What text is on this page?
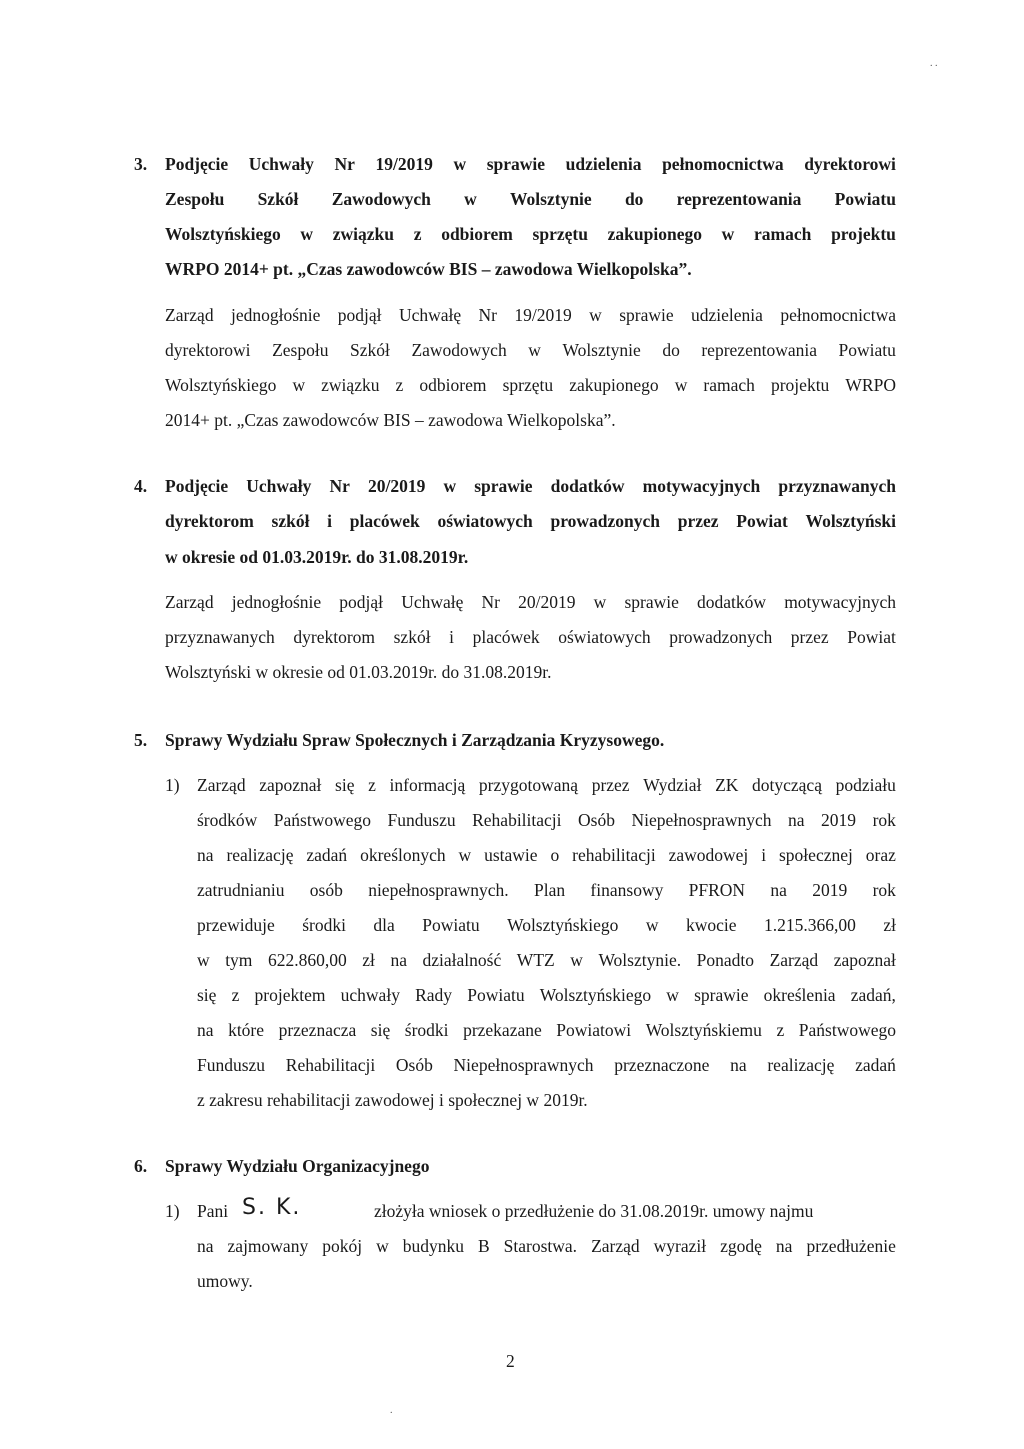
. .
3. Podjęcie Uchwały Nr 19/2019 w sprawie udzielenia pełnomocnictwa dyrektorowi
Zespołu Szkół Zawodowych w Wolsztynie do reprezentowania Powiatu
Wolsztyńskiego w związku z odbiorem sprzętu zakupionego w ramach projektu
WRPO 2014+ pt. „Czas zawodowców BIS – zawodowa Wielkopolska”.
Zarząd jednogłośnie podjął Uchwałę Nr 19/2019 w sprawie udzielenia pełnomocnictwa
dyrektorowi Zespołu Szkół Zawodowych w Wolsztynie do reprezentowania Powiatu
Wolsztyńskiego w związku z odbiorem sprzętu zakupionego w ramach projektu WRPO
2014+ pt. „Czas zawodowców BIS – zawodowa Wielkopolska”.
4. Podjęcie Uchwały Nr 20/2019 w sprawie dodatków motywacyjnych przyznawanych
dyrektorom szkół i placówek oświatowych prowadzonych przez Powiat Wolsztyński
w okresie od 01.03.2019r. do 31.08.2019r.
Zarząd jednogłośnie podjął Uchwałę Nr 20/2019 w sprawie dodatków motywacyjnych
przyznawanych dyrektorom szkół i placówek oświatowych prowadzonych przez Powiat
Wolsztyński w okresie od 01.03.2019r. do 31.08.2019r.
5. Sprawy Wydziału Spraw Społecznych i Zarządzania Kryzysowego.
1) Zarząd zapoznał się z informacją przygotowaną przez Wydział ZK dotyczącą podziału
środków Państwowego Funduszu Rehabilitacji Osób Niepełnosprawnych na 2019 rok
na realizację zadań określonych w ustawie o rehabilitacji zawodowej i społecznej oraz
zatrudnianiu osób niepełnosprawnych. Plan finansowy PFRON na 2019 rok
przewiduje środki dla Powiatu Wolsztyńskiego w kwocie 1.215.366,00 zł
w tym 622.860,00 zł na działalność WTZ w Wolsztynie. Ponadto Zarząd zapoznał
się z projektem uchwały Rady Powiatu Wolsztyńskiego w sprawie określenia zadań,
na które przeznacza się środki przekazane Powiatowi Wolsztyńskiemu z Państwowego
Funduszu Rehabilitacji Osób Niepełnosprawnych przeznaczone na realizację zadań
z zakresu rehabilitacji zawodowej i społecznej w 2019r.
6. Sprawy Wydziału Organizacyjnego
1) Pani S. K.	złożyła wniosek o przedłużenie do 31.08.2019r. umowy najmu
na zajmowany pokój w budynku B Starostwa. Zarząd wyraził zgodę na przedłużenie
umowy.
2
.
